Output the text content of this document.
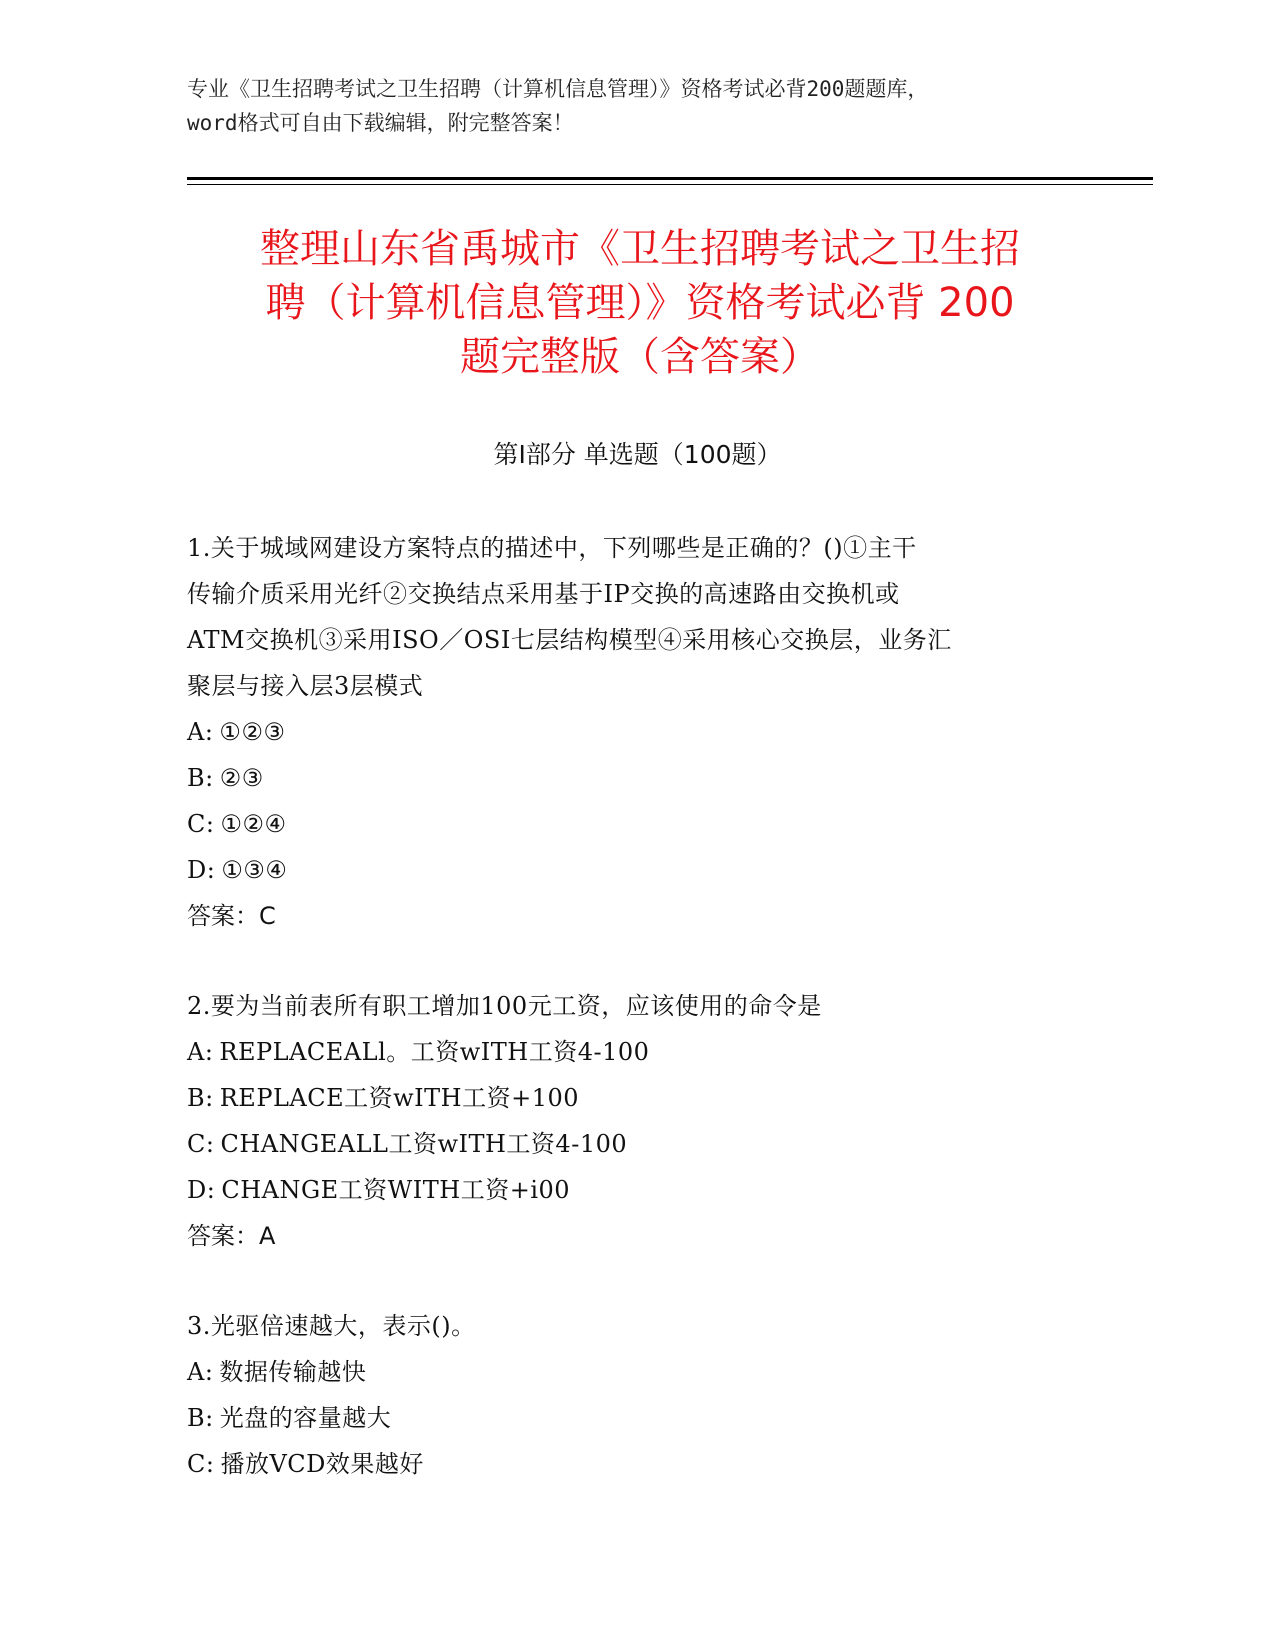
专业《卫生招聘考试之卫生招聘（计算机信息管理）》资格考试必背200题题库，
word格式可自由下载编辑，附完整答案！
整理山东省禹城市《卫生招聘考试之卫生招
聘（计算机信息管理）》资格考试必背 200
题完整版（含答案）
第Ⅰ部分 单选题（100题）
1.关于城域网建设方案特点的描述中，下列哪些是正确的？()①主干
传输介质采用光纤②交换结点采用基于IP交换的高速路由交换机或
ATM交换机③采用ISO／OSI七层结构模型④采用核心交换层，业务汇
聚层与接入层3层模式
A: ①②③
B: ②③
C: ①②④
D: ①③④
答案：C
2.要为当前表所有职工增加100元工资，应该使用的命令是
A: REPLACEALl。工资wITH工资4-100
B: REPLACE工资wITH工资+100
C: CHANGEALL工资wITH工资4-100
D: CHANGE工资WITH工资+i00
答案：A
3.光驱倍速越大，表示()。
A: 数据传输越快
B: 光盘的容量越大
C: 播放VCD效果越好
